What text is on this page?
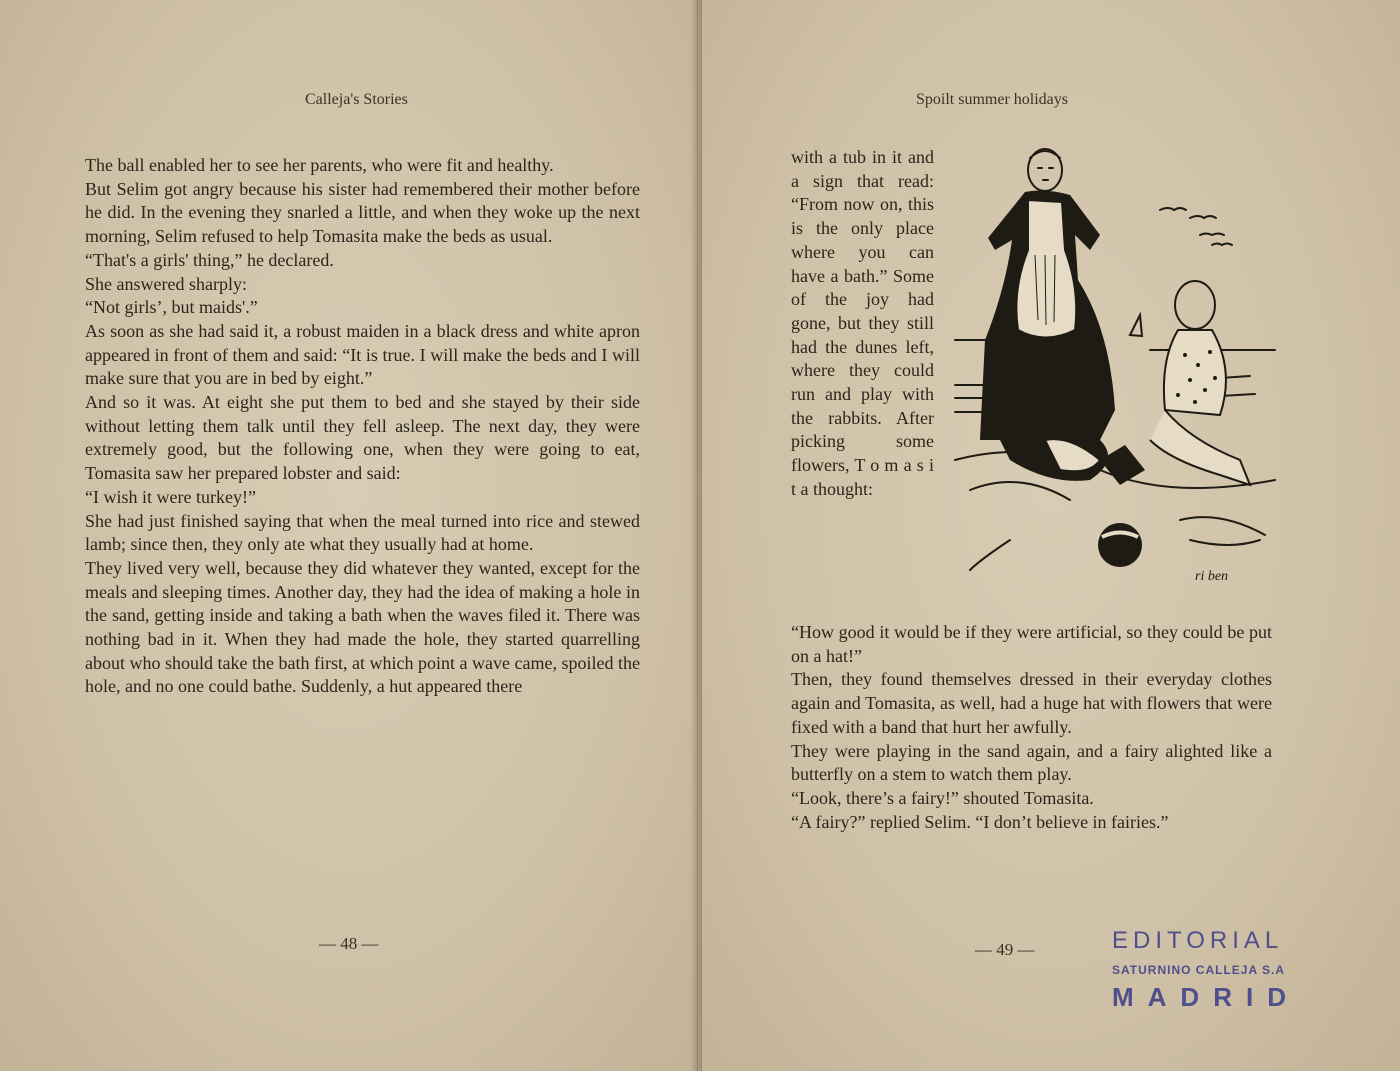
Calleja's Stories

The ball enabled her to see her parents, who were fit and healthy.

But Selim got angry because his sister had remembered their mother before he did. In the evening they snarled a little, and when they woke up the next morning, Selim refused to help Tomasita make the beds as usual.

“That's a girls' thing,” he declared.

She answered sharply:

“Not girls’, but maids'.”

As soon as she had said it, a robust maiden in a black dress and white apron appeared in front of them and said: “It is true. I will make the beds and I will make sure that you are in bed by eight.”

And so it was. At eight she put them to bed and she stayed by their side without letting them talk until they fell asleep. The next day, they were extremely good, but the following one, when they were going to eat, Tomasita saw her prepared lobster and said:

“I wish it were turkey!”

She had just finished saying that when the meal turned into rice and stewed lamb; since then, they only ate what they usually had at home.

They lived very well, because they did whatever they wanted, except for the meals and sleeping times. Another day, they had the idea of making a hole in the sand, getting inside and taking a bath when the waves filed it. There was nothing bad in it. When they had made the hole, they started quarrelling about who should take the bath first, at which point a wave came, spoiled the hole, and no one could bathe. Suddenly, a hut appeared there

— 48 —
Spoilt summer holidays
with a tub in it and a sign that read: “From now on, this is the only place where you can have a bath.” Some of the joy had gone, but they still had the dunes left, where they could run and play with the rabbits. After picking some flowers, T o m a s i t a thought:
ri ben

“How good it would be if they were artificial, so they could be put on a hat!”

Then, they found themselves dressed in their everyday clothes again and Tomasita, as well, had a huge hat with flowers that were fixed with a band that hurt her awfully.

They were playing in the sand again, and a fairy alighted like a butterfly on a stem to watch them play.

“Look, there’s a fairy!” shouted Tomasita.

“A fairy?” replied Selim. “I don’t believe in fairies.”

— 49 —	EDITORIAL
SATURNINO CALLEJA S.A
MADRID
